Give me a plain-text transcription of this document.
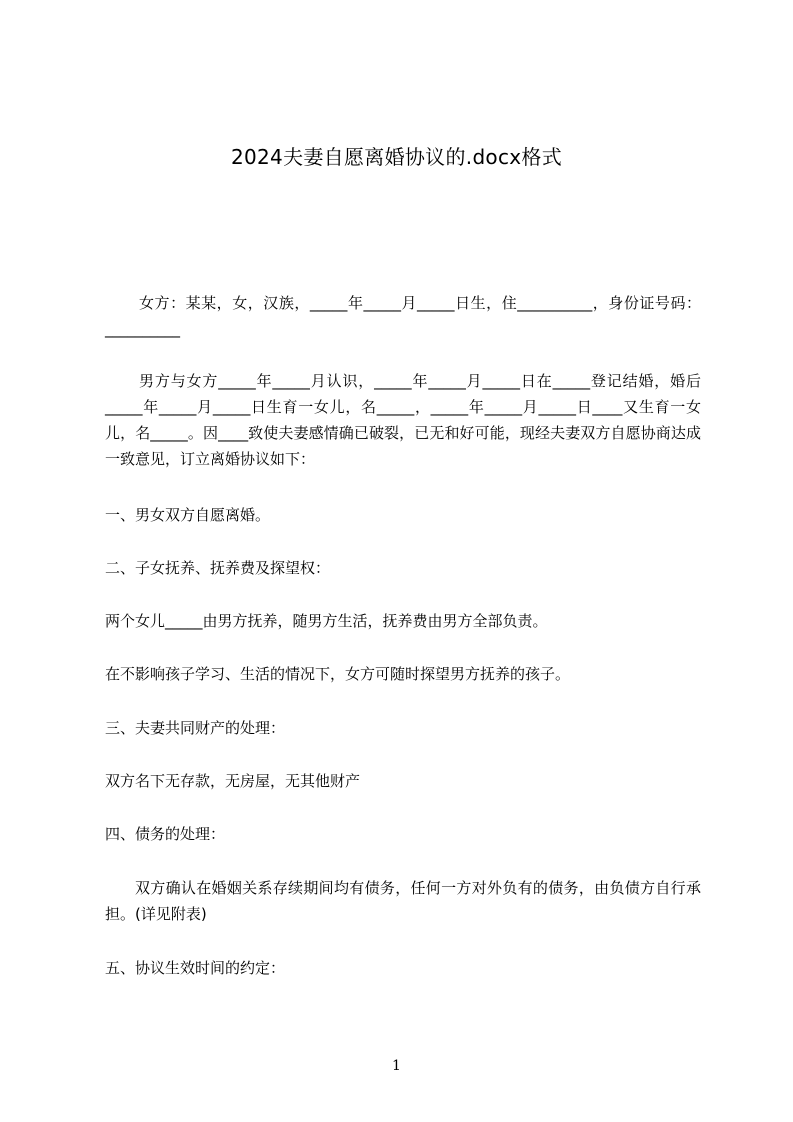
2024夫妻自愿离婚协议的.docx格式

女方：某某，女，汉族，_____年_____月_____日生，住__________，身份证号码：__________

男方与女方_____年_____月认识，_____年_____月_____日在_____登记结婚，婚后_____年_____月_____日生育一女儿，名_____，_____年_____月_____日____又生育一女儿，名_____。因____致使夫妻感情确已破裂，已无和好可能，现经夫妻双方自愿协商达成一致意见，订立离婚协议如下：

一、男女双方自愿离婚。

二、子女抚养、抚养费及探望权：

两个女儿_____由男方抚养，随男方生活，抚养费由男方全部负责。

在不影响孩子学习、生活的情况下，女方可随时探望男方抚养的孩子。

三、夫妻共同财产的处理：

双方名下无存款，无房屋，无其他财产

四、债务的处理：

双方确认在婚姻关系存续期间均有债务，任何一方对外负有的债务，由负债方自行承担。(详见附表)

五、协议生效时间的约定：

1
